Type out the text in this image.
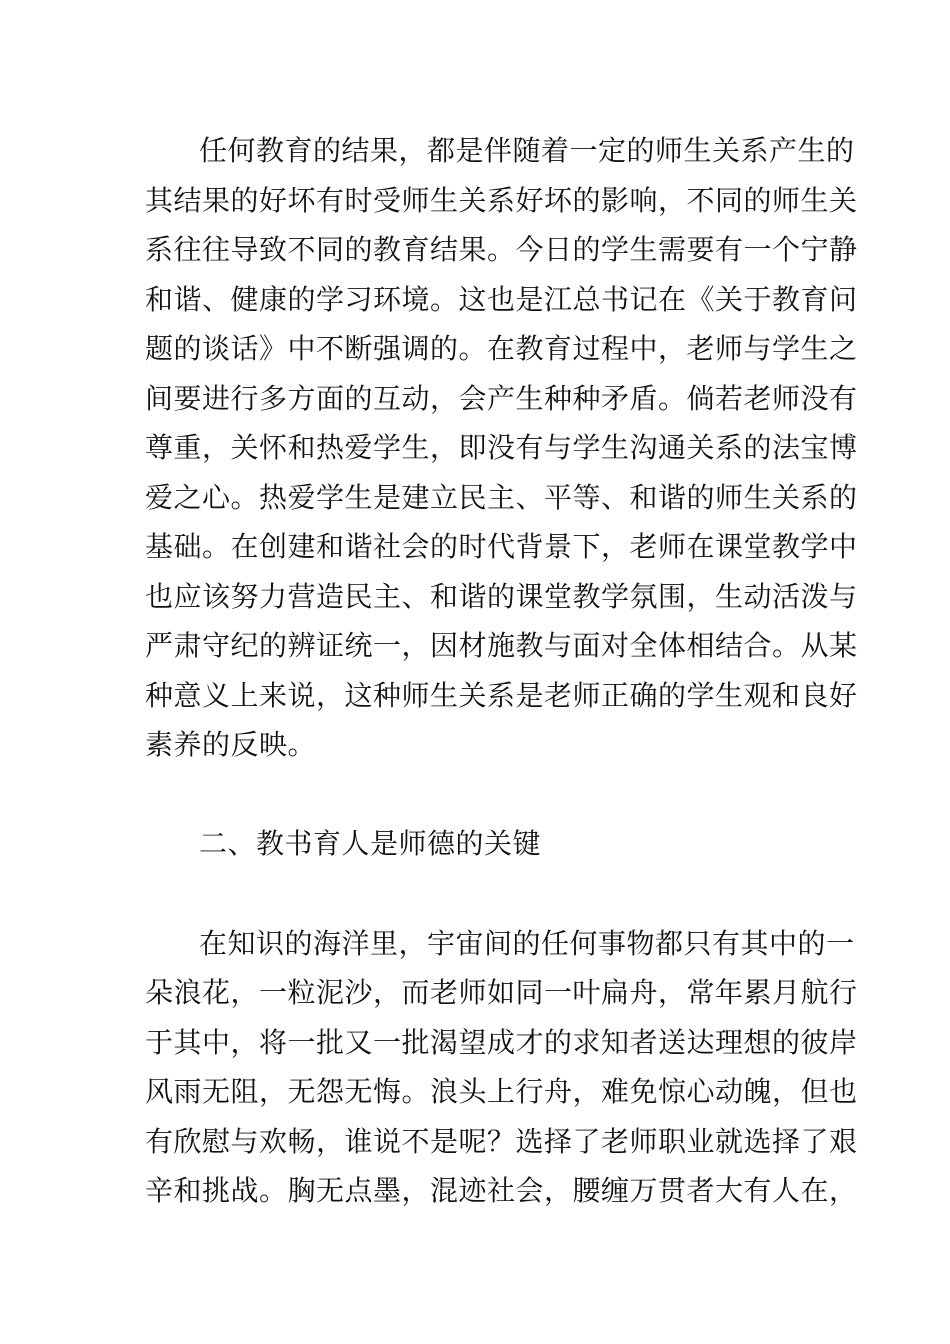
任何教育的结果，都是伴随着一定的师生关系产生的
其结果的好坏有时受师生关系好坏的影响，不同的师生关
系往往导致不同的教育结果。今日的学生需要有一个宁静
和谐、健康的学习环境。这也是江总书记在《关于教育问
题的谈话》中不断强调的。在教育过程中，老师与学生之
间要进行多方面的互动，会产生种种矛盾。倘若老师没有
尊重，关怀和热爱学生，即没有与学生沟通关系的法宝博
爱之心。热爱学生是建立民主、平等、和谐的师生关系的
基础。在创建和谐社会的时代背景下，老师在课堂教学中
也应该努力营造民主、和谐的课堂教学氛围，生动活泼与
严肃守纪的辨证统一，因材施教与面对全体相结合。从某
种意义上来说，这种师生关系是老师正确的学生观和良好
素养的反映。
二、教书育人是师德的关键
在知识的海洋里，宇宙间的任何事物都只有其中的一
朵浪花，一粒泥沙，而老师如同一叶扁舟，常年累月航行
于其中，将一批又一批渴望成才的求知者送达理想的彼岸
风雨无阻，无怨无悔。浪头上行舟，难免惊心动魄，但也
有欣慰与欢畅，谁说不是呢？选择了老师职业就选择了艰
辛和挑战。胸无点墨，混迹社会，腰缠万贯者大有人在，
